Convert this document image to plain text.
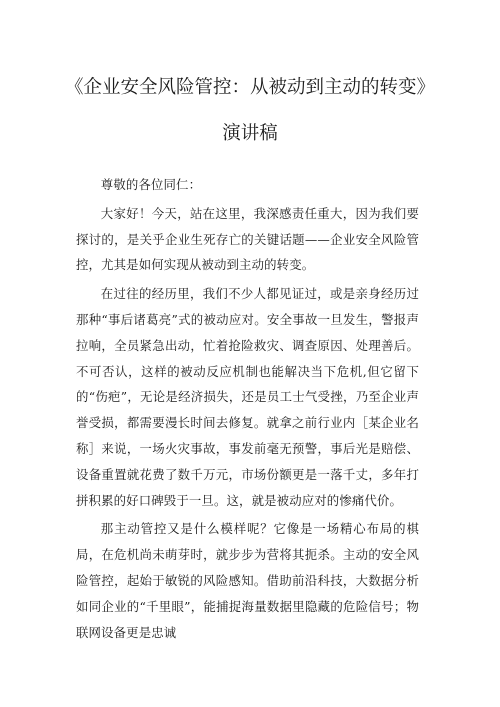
《企业安全风险管控：从被动到主动的转变》
演讲稿

尊敬的各位同仁：

大家好！今天，站在这里，我深感责任重大，因为我们要探讨的，是关乎企业生死存亡的关键话题——企业安全风险管控，尤其是如何实现从被动到主动的转变。

在过往的经历里，我们不少人都见证过，或是亲身经历过那种“事后诸葛亮”式的被动应对。安全事故一旦发生，警报声拉响，全员紧急出动，忙着抢险救灾、调查原因、处理善后。不可否认，这样的被动反应机制也能解决当下危机,但它留下的“伤疤”，无论是经济损失，还是员工士气受挫，乃至企业声誉受损，都需要漫长时间去修复。就拿之前行业内［某企业名称］来说，一场火灾事故，事发前毫无预警，事后光是赔偿、设备重置就花费了数千万元，市场份额更是一落千丈，多年打拼积累的好口碑毁于一旦。这，就是被动应对的惨痛代价。

那主动管控又是什么模样呢？它像是一场精心布局的棋局，在危机尚未萌芽时，就步步为营将其扼杀。主动的安全风险管控，起始于敏锐的风险感知。借助前沿科技，大数据分析如同企业的“千里眼”，能捕捉海量数据里隐藏的危险信号；物联网设备更是忠诚
